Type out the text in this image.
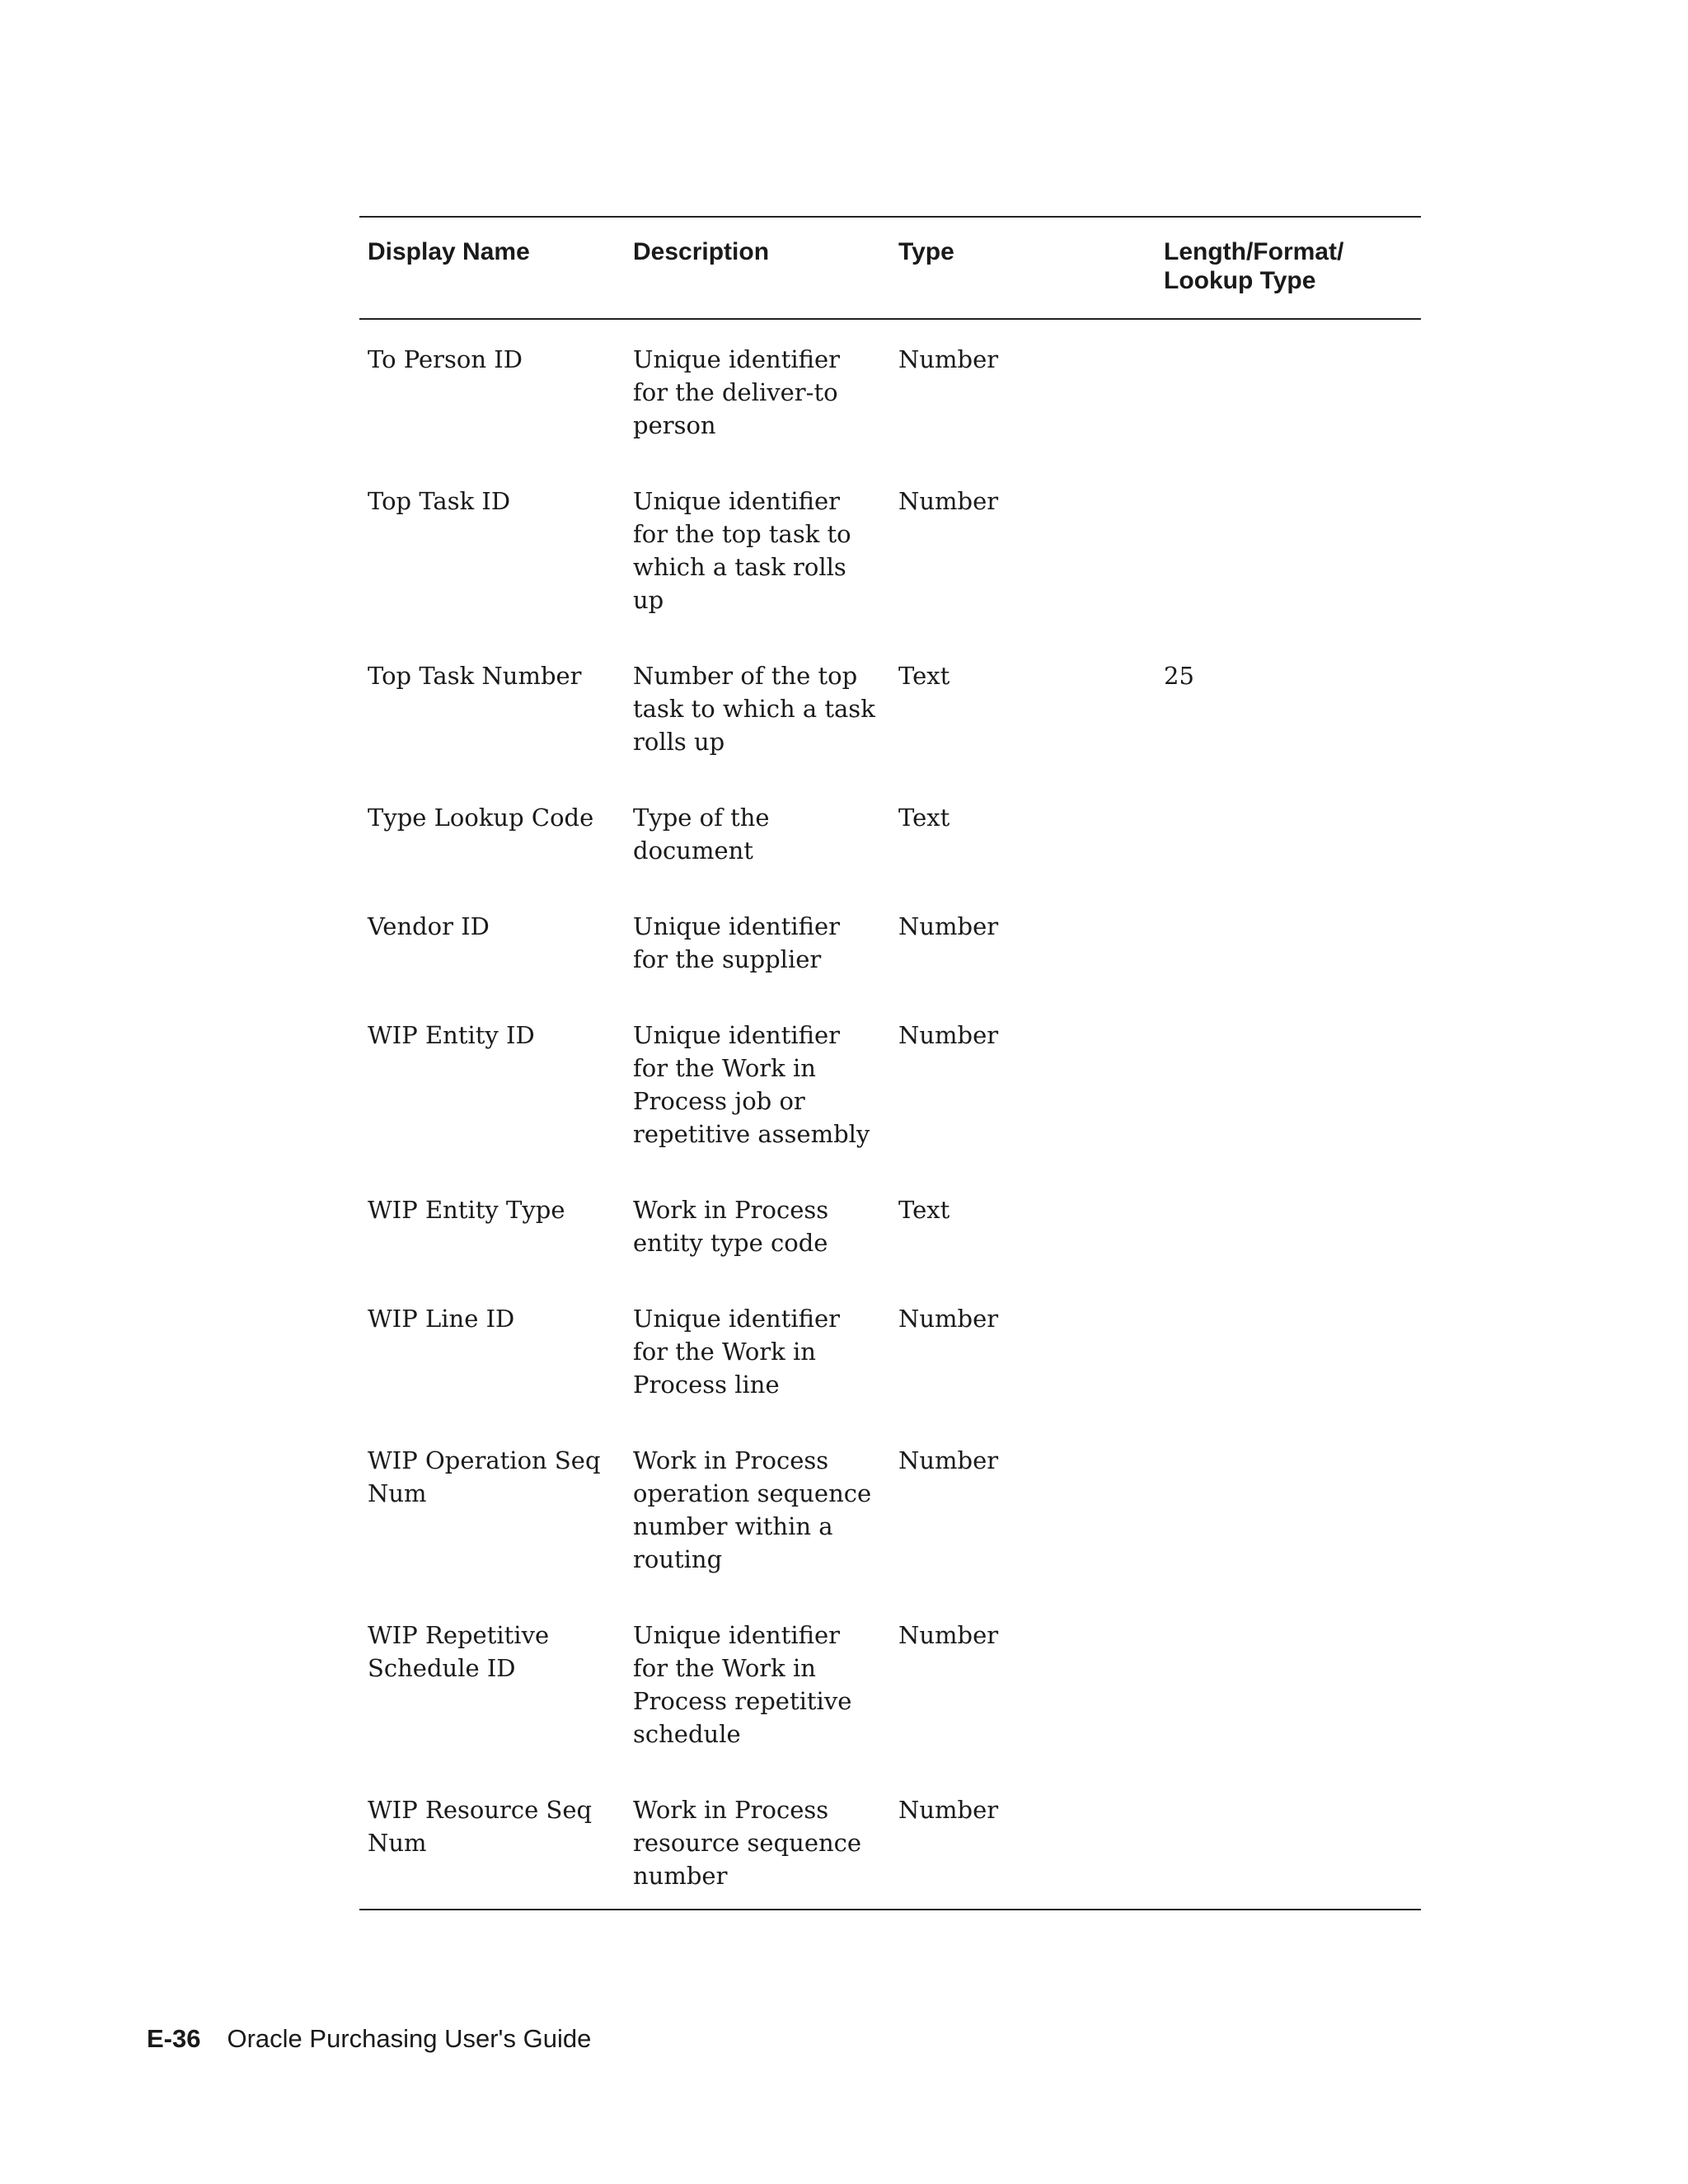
Display Name	Description	Type	Length/Format/
Lookup Type
To Person ID	Unique identifier for the deliver-to person	Number	
Top Task ID	Unique identifier for the top task to which a task rolls up	Number	
Top Task Number	Number of the top task to which a task rolls up	Text	25
Type Lookup Code	Type of the document	Text	
Vendor ID	Unique identifier for the supplier	Number	
WIP Entity ID	Unique identifier for the Work in Process job or repetitive assembly	Number	
WIP Entity Type	Work in Process entity type code	Text	
WIP Line ID	Unique identifier for the Work in Process line	Number	
WIP Operation Seq Num	Work in Process operation sequence number within a routing	Number	
WIP Repetitive Schedule ID	Unique identifier for the Work in Process repetitive schedule	Number	
WIP Resource Seq Num	Work in Process resource sequence number	Number	
E-36 Oracle Purchasing User's Guide
